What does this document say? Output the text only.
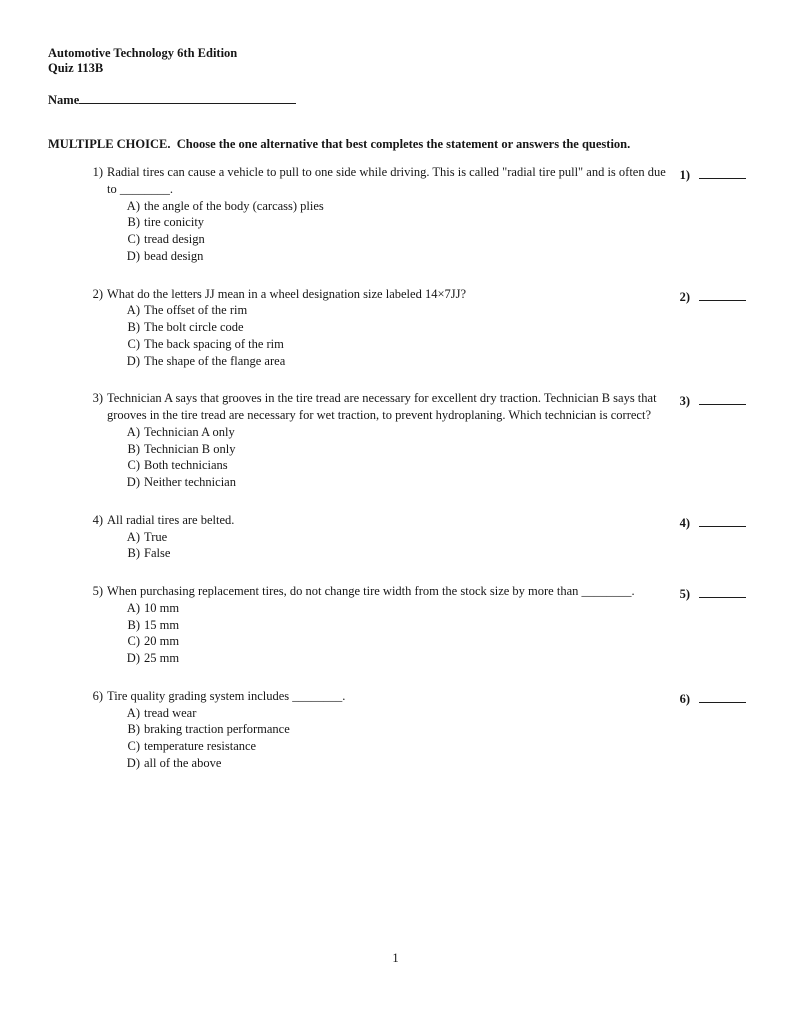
Automotive Technology 6th Edition
Quiz 113B
Name
MULTIPLE CHOICE.  Choose the one alternative that best completes the statement or answers the question.
1) Radial tires can cause a vehicle to pull to one side while driving. This is called "radial tire pull" and is often due to ________.
A) the angle of the body (carcass) plies
B) tire conicity
C) tread design
D) bead design
1)
2) What do the letters JJ mean in a wheel designation size labeled 14×7JJ?
A) The offset of the rim
B) The bolt circle code
C) The back spacing of the rim
D) The shape of the flange area
2)
3) Technician A says that grooves in the tire tread are necessary for excellent dry traction. Technician B says that grooves in the tire tread are necessary for wet traction, to prevent hydroplaning. Which technician is correct?
A) Technician A only
B) Technician B only
C) Both technicians
D) Neither technician
3)
4) All radial tires are belted.
A) True
B) False
4)
5) When purchasing replacement tires, do not change tire width from the stock size by more than ________.
A) 10 mm
B) 15 mm
C) 20 mm
D) 25 mm
5)
6) Tire quality grading system includes ________.
A) tread wear
B) braking traction performance
C) temperature resistance
D) all of the above
6)
1
